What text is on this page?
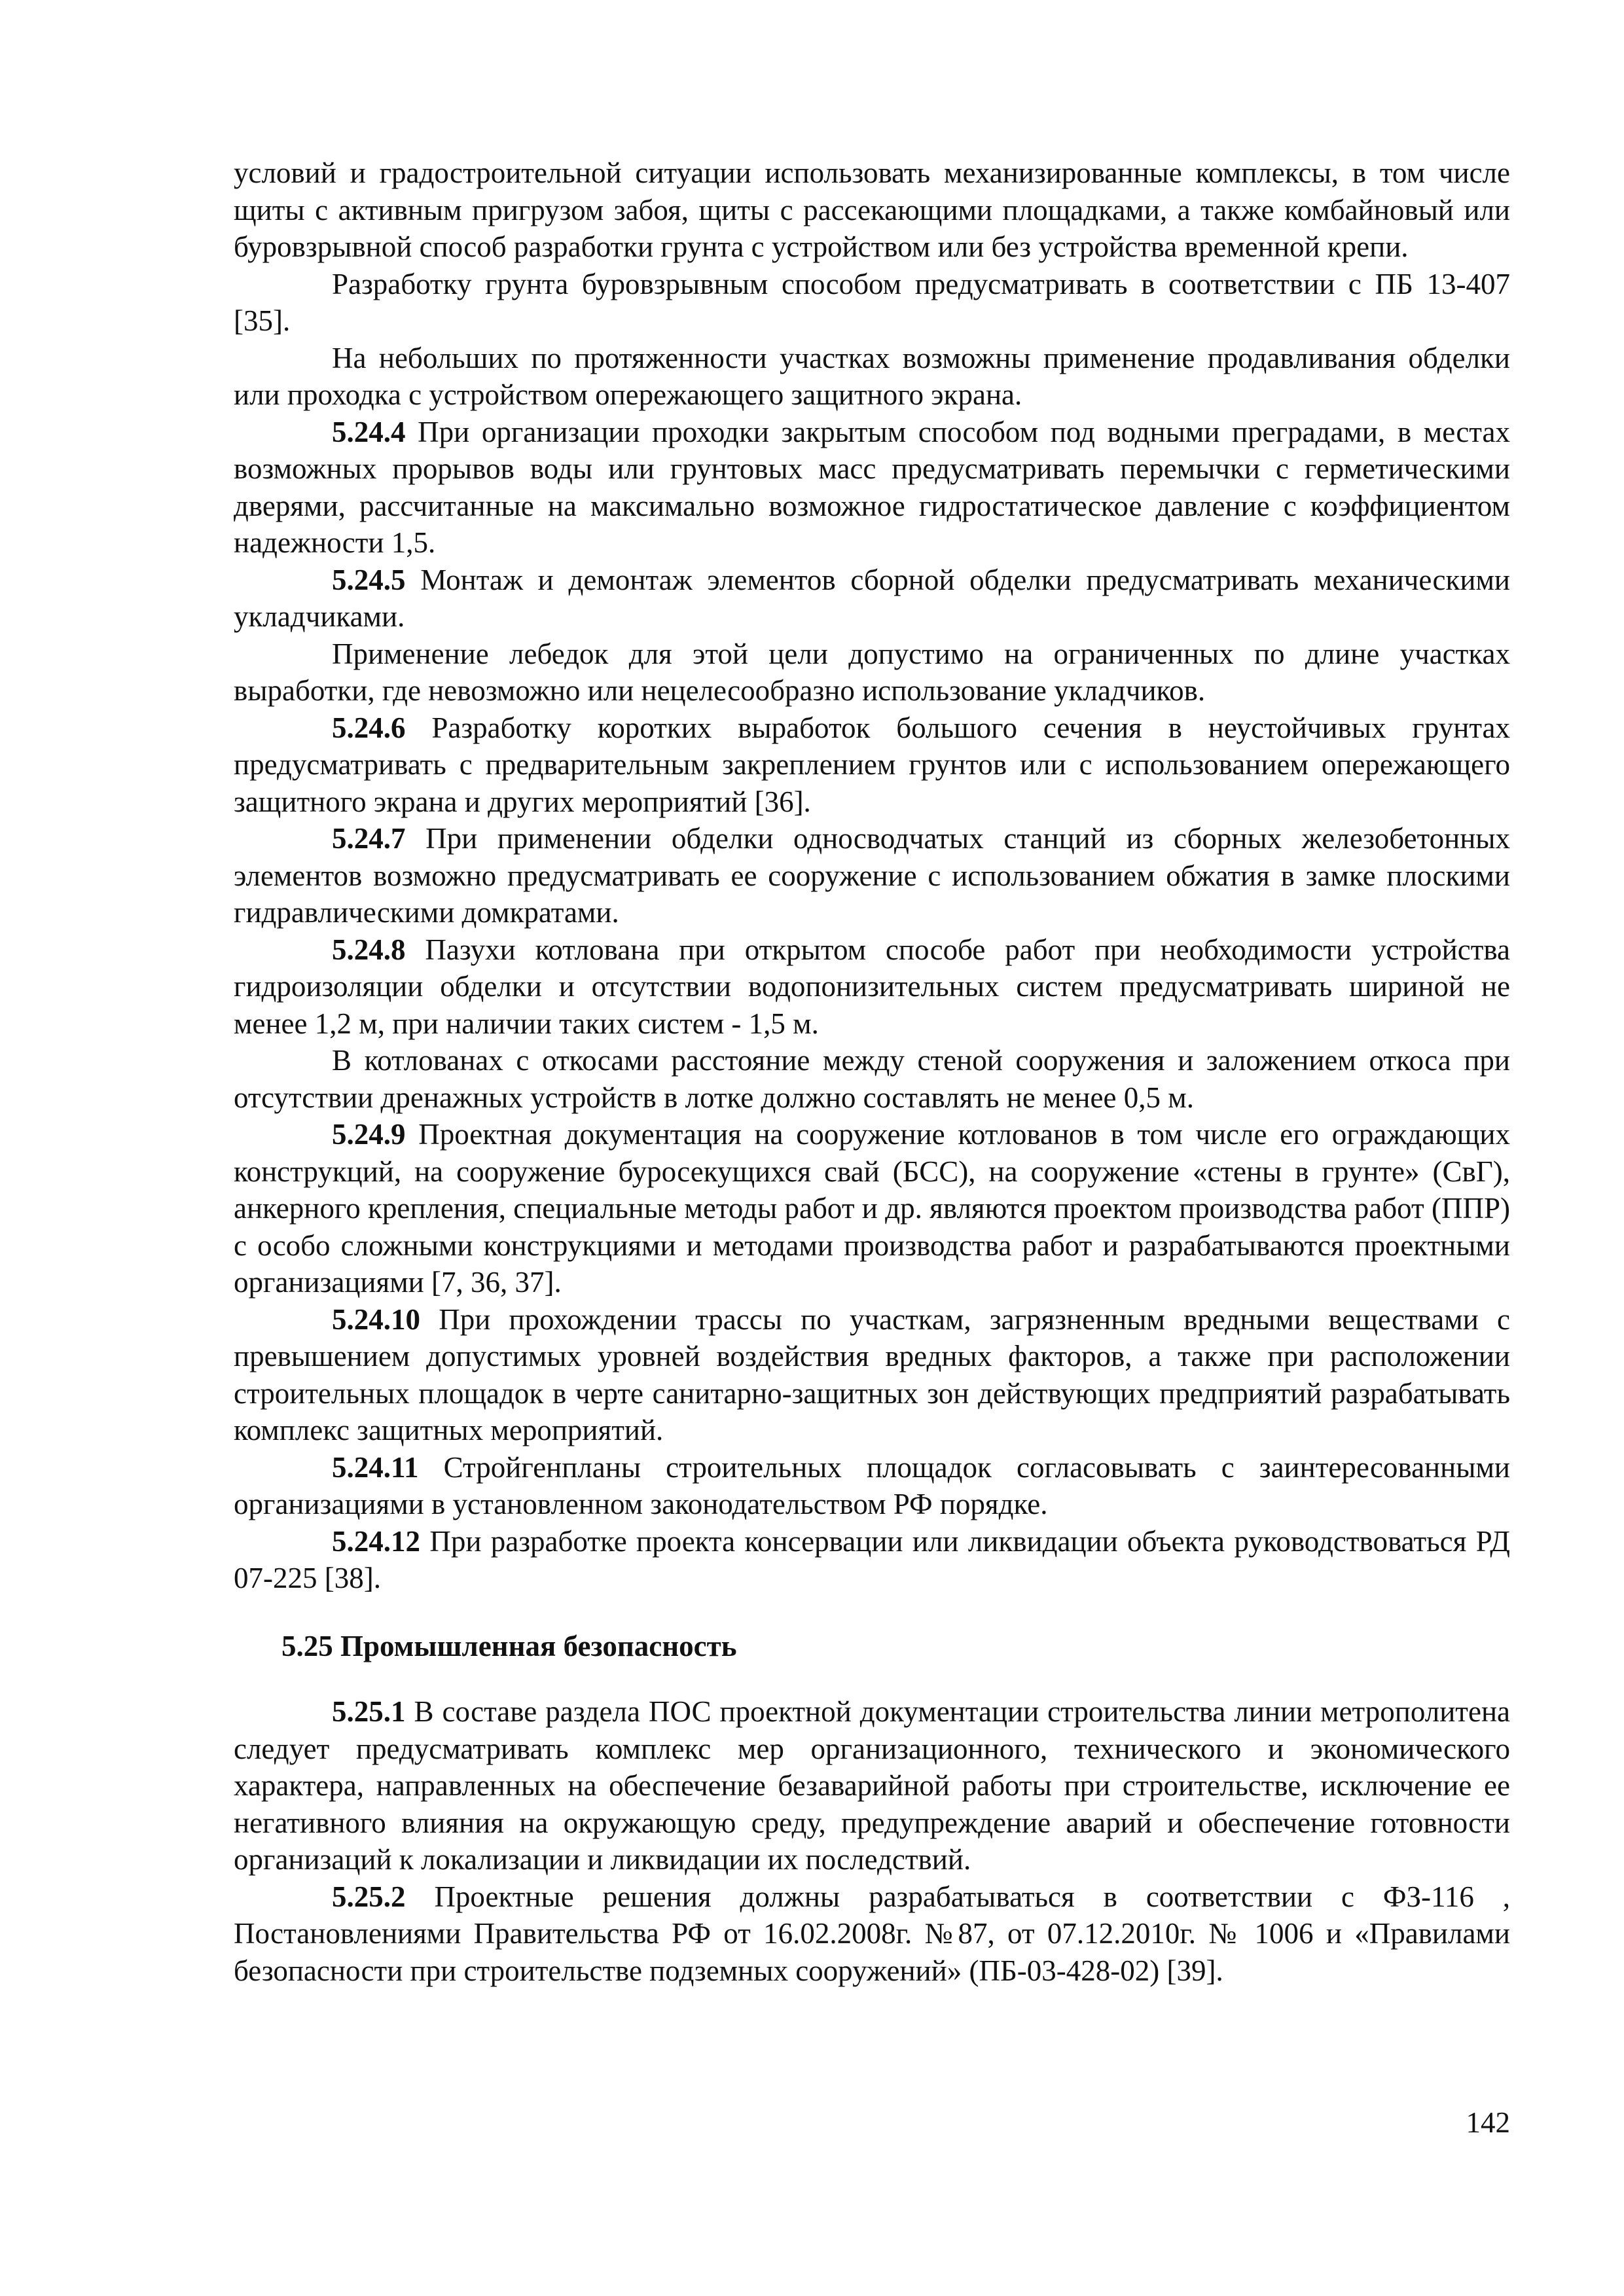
условий и градостроительной ситуации использовать механизированные комплексы, в том числе щиты с активным пригрузом забоя, щиты с рассекающими площадками, а также комбайновый или буровзрывной способ разработки грунта с устройством или без устройства временной крепи.

Разработку грунта буровзрывным способом предусматривать в соответствии с ПБ 13-407 [35].

На небольших по протяженности участках возможны применение продавливания обделки или проходка с устройством опережающего защитного экрана.

5.24.4 При организации проходки закрытым способом под водными преградами, в местах возможных прорывов воды или грунтовых масс предусматривать перемычки с герметическими дверями, рассчитанные на максимально возможное гидростатическое давление с коэффициентом надежности 1,5.

5.24.5 Монтаж и демонтаж элементов сборной обделки предусматривать механическими укладчиками.

Применение лебедок для этой цели допустимо на ограниченных по длине участках выработки, где невозможно или нецелесообразно использование укладчиков.

5.24.6 Разработку коротких выработок большого сечения в неустойчивых грунтах предусматривать с предварительным закреплением грунтов или с использованием опережающего защитного экрана и других мероприятий [36].

5.24.7 При применении обделки односводчатых станций из сборных железобетонных элементов возможно предусматривать ее сооружение с использованием обжатия в замке плоскими гидравлическими домкратами.

5.24.8 Пазухи котлована при открытом способе работ при необходимости устройства гидроизоляции обделки и отсутствии водопонизительных систем предусматривать шириной не менее 1,2 м, при наличии таких систем - 1,5 м.

В котлованах с откосами расстояние между стеной сооружения и заложением откоса при отсутствии дренажных устройств в лотке должно составлять не менее 0,5 м.

5.24.9 Проектная документация на сооружение котлованов в том числе его ограждающих конструкций, на сооружение буросекущихся свай (БСС), на сооружение «стены в грунте» (СвГ), анкерного крепления, специальные методы работ и др. являются проектом производства работ (ППР) с особо сложными конструкциями и методами производства работ и разрабатываются проектными организациями [7, 36, 37].

5.24.10 При прохождении трассы по участкам, загрязненным вредными веществами с превышением допустимых уровней воздействия вредных факторов, а также при расположении строительных площадок в черте санитарно-защитных зон действующих предприятий разрабатывать комплекс защитных мероприятий.

5.24.11 Стройгенпланы строительных площадок согласовывать с заинтересованными организациями в установленном законодательством РФ порядке.

5.24.12 При разработке проекта консервации или ликвидации объекта руководствоваться РД 07-225 [38].

5.25 Промышленная безопасность

5.25.1 В составе раздела ПОС проектной документации строительства линии метрополитена следует предусматривать комплекс мер организационного, технического и экономического характера, направленных на обеспечение безаварийной работы при строительстве, исключение ее негативного влияния на окружающую среду, предупреждение аварий и обеспечение готовности организаций к локализации и ликвидации их последствий.

5.25.2 Проектные решения должны разрабатываться в соответствии с ФЗ-116 , Постановлениями Правительства РФ от 16.02.2008г. №87, от 07.12.2010г. № 1006 и «Правилами безопасности при строительстве подземных сооружений» (ПБ-03-428-02) [39].

142
